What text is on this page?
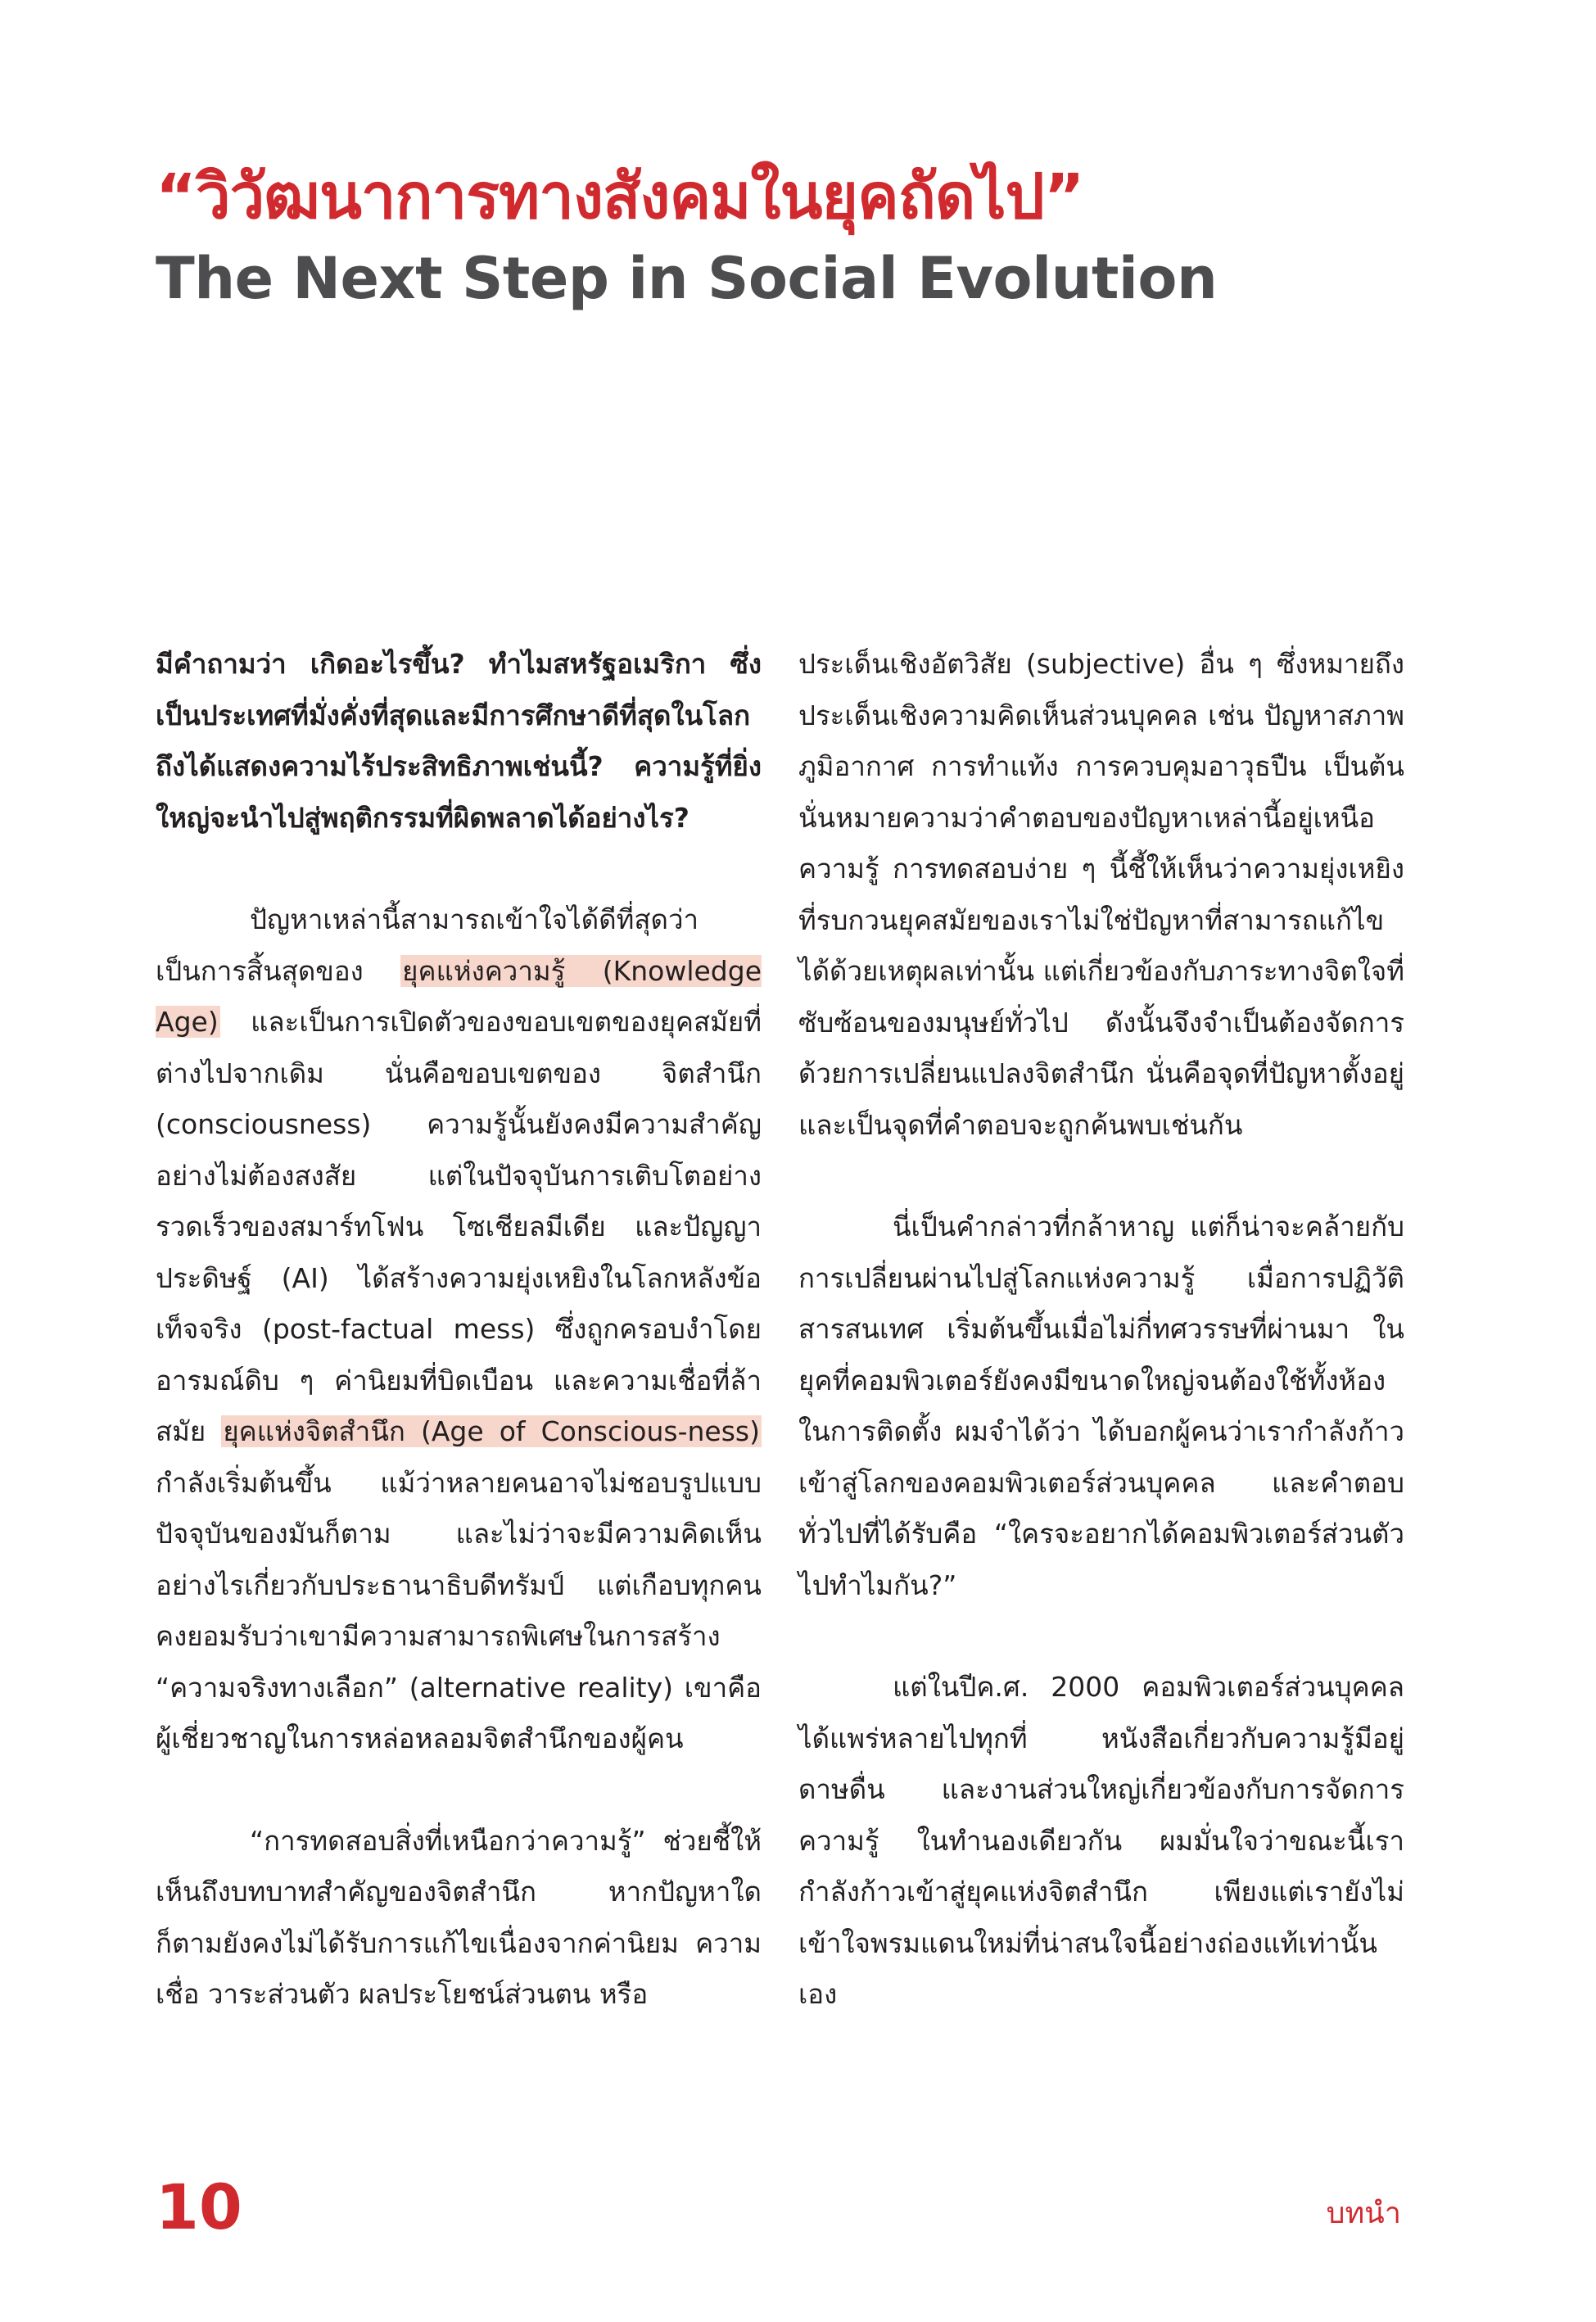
“วิวัฒนาการทางสังคมในยุคถัดไป”
The Next Step in Social Evolution

มีคำถามว่า เกิดอะไรขึ้น? ทำไมสหรัฐอเมริกา ซึ่งเป็นประเทศที่มั่งคั่งที่สุดและมีการศึกษาดีที่สุดในโลก ถึงได้แสดงความไร้ประสิทธิภาพเช่นนี้? ความรู้ที่ยิ่งใหญ่จะนำไปสู่พฤติกรรมที่ผิดพลาดได้อย่างไร?

ปัญหาเหล่านี้สามารถเข้าใจได้ดีที่สุดว่าเป็นการสิ้นสุดของ ยุคแห่งความรู้ (Knowledge Age) และเป็นการเปิดตัวของขอบเขตของยุคสมัยที่ต่างไปจากเดิม นั่นคือขอบเขตของ จิตสำนึก (consciousness) ความรู้นั้นยังคงมีความสำคัญอย่างไม่ต้องสงสัย แต่ในปัจจุบันการเติบโตอย่างรวดเร็วของสมาร์ทโฟน โซเชียลมีเดีย และปัญญาประดิษฐ์ (AI) ได้สร้างความยุ่งเหยิงในโลกหลังข้อเท็จจริง (post-factual mess) ซึ่งถูกครอบงำโดยอารมณ์ดิบ ๆ ค่านิยมที่บิดเบือน และความเชื่อที่ล้าสมัย ยุคแห่งจิตสำนึก (Age of Conscious-ness) กำลังเริ่มต้นขึ้น แม้ว่าหลายคนอาจไม่ชอบรูปแบบปัจจุบันของมันก็ตาม และไม่ว่าจะมีความคิดเห็นอย่างไรเกี่ยวกับประธานาธิบดีทรัมป์ แต่เกือบทุกคนคงยอมรับว่าเขามีความสามารถพิเศษในการสร้าง “ความจริงทางเลือก” (alternative reality) เขาคือผู้เชี่ยวชาญในการหล่อหลอมจิตสำนึกของผู้คน

“การทดสอบสิ่งที่เหนือกว่าความรู้” ช่วยชี้ให้เห็นถึงบทบาทสำคัญของจิตสำนึก หากปัญหาใดก็ตามยังคงไม่ได้รับการแก้ไขเนื่องจากค่านิยม ความเชื่อ วาระส่วนตัว ผลประโยชน์ส่วนตน หรือ

ประเด็นเชิงอัตวิสัย (subjective) อื่น ๆ ซึ่งหมายถึงประเด็นเชิงความคิดเห็นส่วนบุคคล เช่น ปัญหาสภาพภูมิอากาศ การทำแท้ง การควบคุมอาวุธปืน เป็นต้น นั่นหมายความว่าคำตอบของปัญหาเหล่านี้อยู่เหนือความรู้ การทดสอบง่าย ๆ นี้ชี้ให้เห็นว่าความยุ่งเหยิงที่รบกวนยุคสมัยของเราไม่ใช่ปัญหาที่สามารถแก้ไขได้ด้วยเหตุผลเท่านั้น แต่เกี่ยวข้องกับภาระทางจิตใจที่ซับซ้อนของมนุษย์ทั่วไป ดังนั้นจึงจำเป็นต้องจัดการด้วยการเปลี่ยนแปลงจิตสำนึก นั่นคือจุดที่ปัญหาตั้งอยู่ และเป็นจุดที่คำตอบจะถูกค้นพบเช่นกัน

นี่เป็นคำกล่าวที่กล้าหาญ แต่ก็น่าจะคล้ายกับการเปลี่ยนผ่านไปสู่โลกแห่งความรู้ เมื่อการปฏิวัติสารสนเทศ เริ่มต้นขึ้นเมื่อไม่กี่ทศวรรษที่ผ่านมา ในยุคที่คอมพิวเตอร์ยังคงมีขนาดใหญ่จนต้องใช้ทั้งห้องในการติดตั้ง ผมจำได้ว่า ได้บอกผู้คนว่าเรากำลังก้าวเข้าสู่โลกของคอมพิวเตอร์ส่วนบุคคล และคำตอบทั่วไปที่ได้รับคือ “ใครจะอยากได้คอมพิวเตอร์ส่วนตัวไปทำไมกัน?”

แต่ในปีค.ศ. 2000 คอมพิวเตอร์ส่วนบุคคลได้แพร่หลายไปทุกที่ หนังสือเกี่ยวกับความรู้มีอยู่ดาษดื่น และงานส่วนใหญ่เกี่ยวข้องกับการจัดการความรู้ ในทำนองเดียวกัน ผมมั่นใจว่าขณะนี้เรากำลังก้าวเข้าสู่ยุคแห่งจิตสำนึก เพียงแต่เรายังไม่เข้าใจพรมแดนใหม่ที่น่าสนใจนี้อย่างถ่องแท้เท่านั้นเอง

10	บทนำ
